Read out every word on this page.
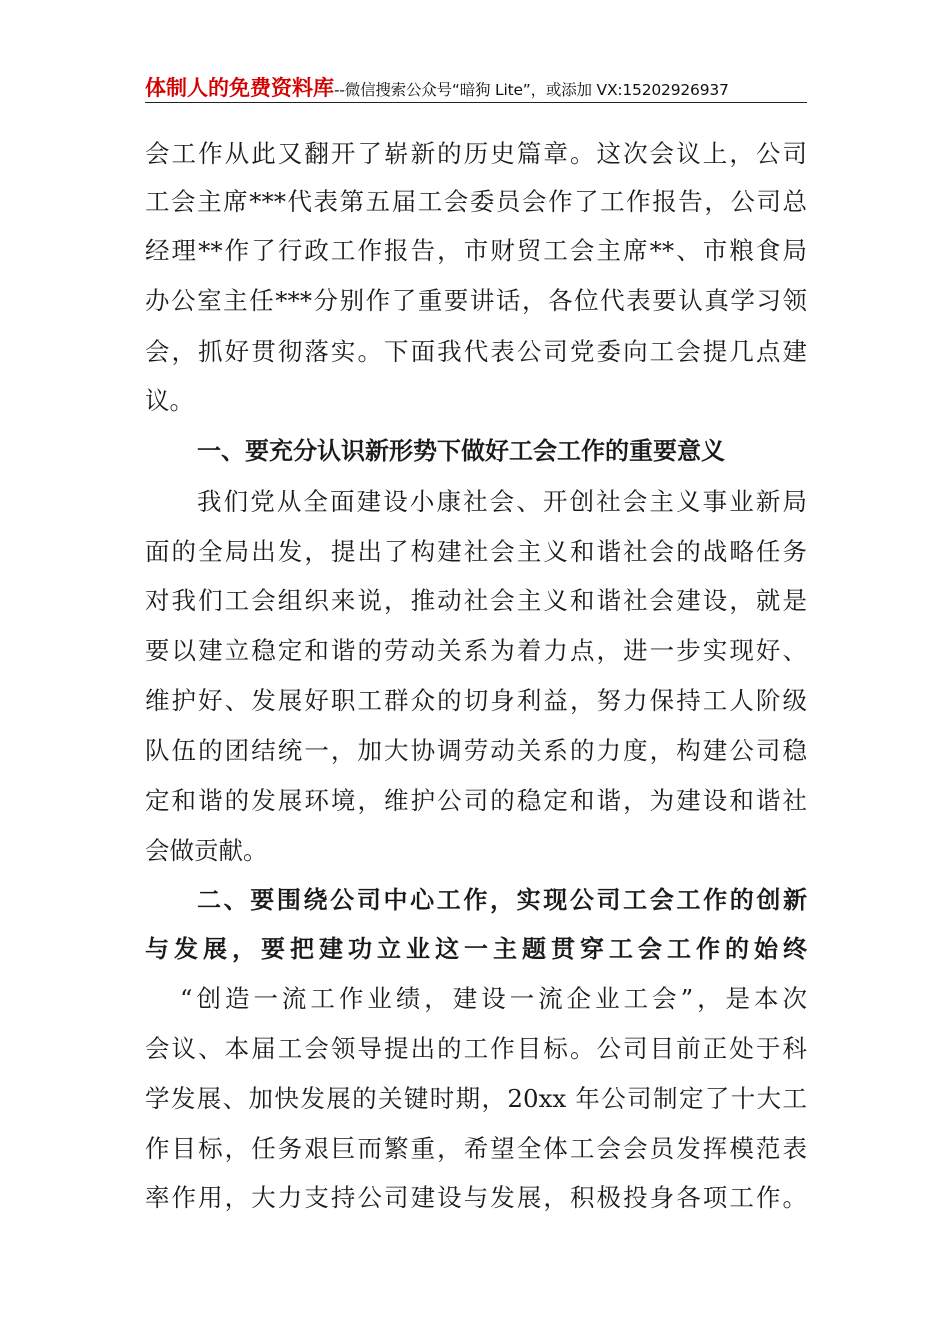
体制人的免费资料库--微信搜索公众号“暗狗 Lite”，或添加 VX:15202926937
会工作从此又翻开了崭新的历史篇章。这次会议上，公司
工会主席***代表第五届工会委员会作了工作报告，公司总
经理**作了行政工作报告，市财贸工会主席**、市粮食局
办公室主任***分别作了重要讲话，各位代表要认真学习领
会，抓好贯彻落实。下面我代表公司党委向工会提几点建
议。
一、要充分认识新形势下做好工会工作的重要意义
我们党从全面建设小康社会、开创社会主义事业新局
面的全局出发，提出了构建社会主义和谐社会的战略任务
对我们工会组织来说，推动社会主义和谐社会建设，就是
要以建立稳定和谐的劳动关系为着力点，进一步实现好、
维护好、发展好职工群众的切身利益，努力保持工人阶级
队伍的团结统一，加大协调劳动关系的力度，构建公司稳
定和谐的发展环境，维护公司的稳定和谐，为建设和谐社
会做贡献。
二、要围绕公司中心工作，实现公司工会工作的创新
与发展，要把建功立业这一主题贯穿工会工作的始终
“创造一流工作业绩，建设一流企业工会”，是本次
会议、本届工会领导提出的工作目标。公司目前正处于科
学发展、加快发展的关键时期，20xx 年公司制定了十大工
作目标，任务艰巨而繁重，希望全体工会会员发挥模范表
率作用，大力支持公司建设与发展，积极投身各项工作。
